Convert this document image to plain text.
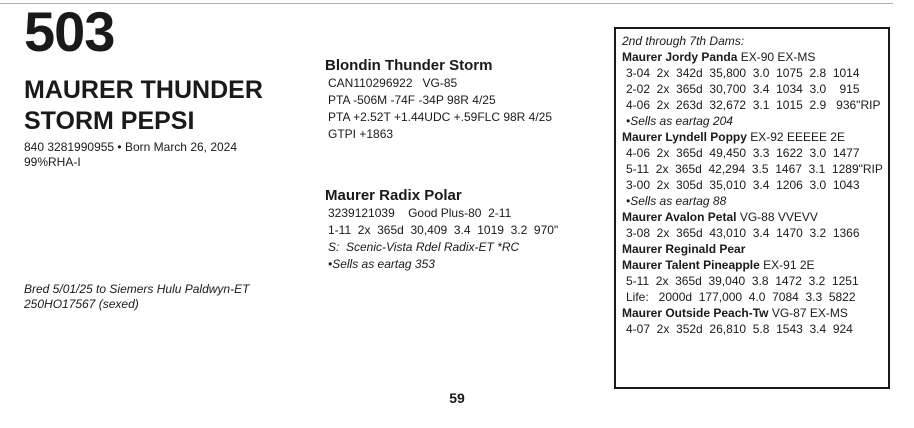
503
MAURER THUNDER
STORM PEPSI
840 3281990955 • Born March 26, 2024
99%RHA-I
Bred 5/01/25 to Siemers Hulu Paldwyn-ET
250HO17567 (sexed)
Blondin Thunder Storm
CAN110296922   VG-85
PTA -506M -74F -34P 98R 4/25
PTA +2.52T +1.44UDC +.59FLC 98R 4/25
GTPI +1863
Maurer Radix Polar
3239121039    Good Plus-80  2-11
1-11  2x  365d  30,409  3.4  1019  3.2  970"
S:  Scenic-Vista Rdel Radix-ET *RC
•Sells as eartag 353
2nd through 7th Dams:
Maurer Jordy Panda EX-90 EX-MS
3-04  2x  342d  35,800  3.0  1075  2.8  1014
2-02  2x  365d  30,700  3.4  1034  3.0    915
4-06  2x  263d  32,672  3.1  1015  2.9   936"RIP
•Sells as eartag 204
Maurer Lyndell Poppy EX-92 EEEEE 2E
4-06  2x  365d  49,450  3.3  1622  3.0  1477
5-11  2x  365d  42,294  3.5  1467  3.1  1289"RIP
3-00  2x  305d  35,010  3.4  1206  3.0  1043
•Sells as eartag 88
Maurer Avalon Petal VG-88 VVEVV
3-08  2x  365d  43,010  3.4  1470  3.2  1366
Maurer Reginald Pear
Maurer Talent Pineapple EX-91 2E
5-11  2x  365d  39,040  3.8  1472  3.2  1251
Life:   2000d  177,000  4.0  7084  3.3  5822
Maurer Outside Peach-Tw VG-87 EX-MS
4-07  2x  352d  26,810  5.8  1543  3.4  924
59
